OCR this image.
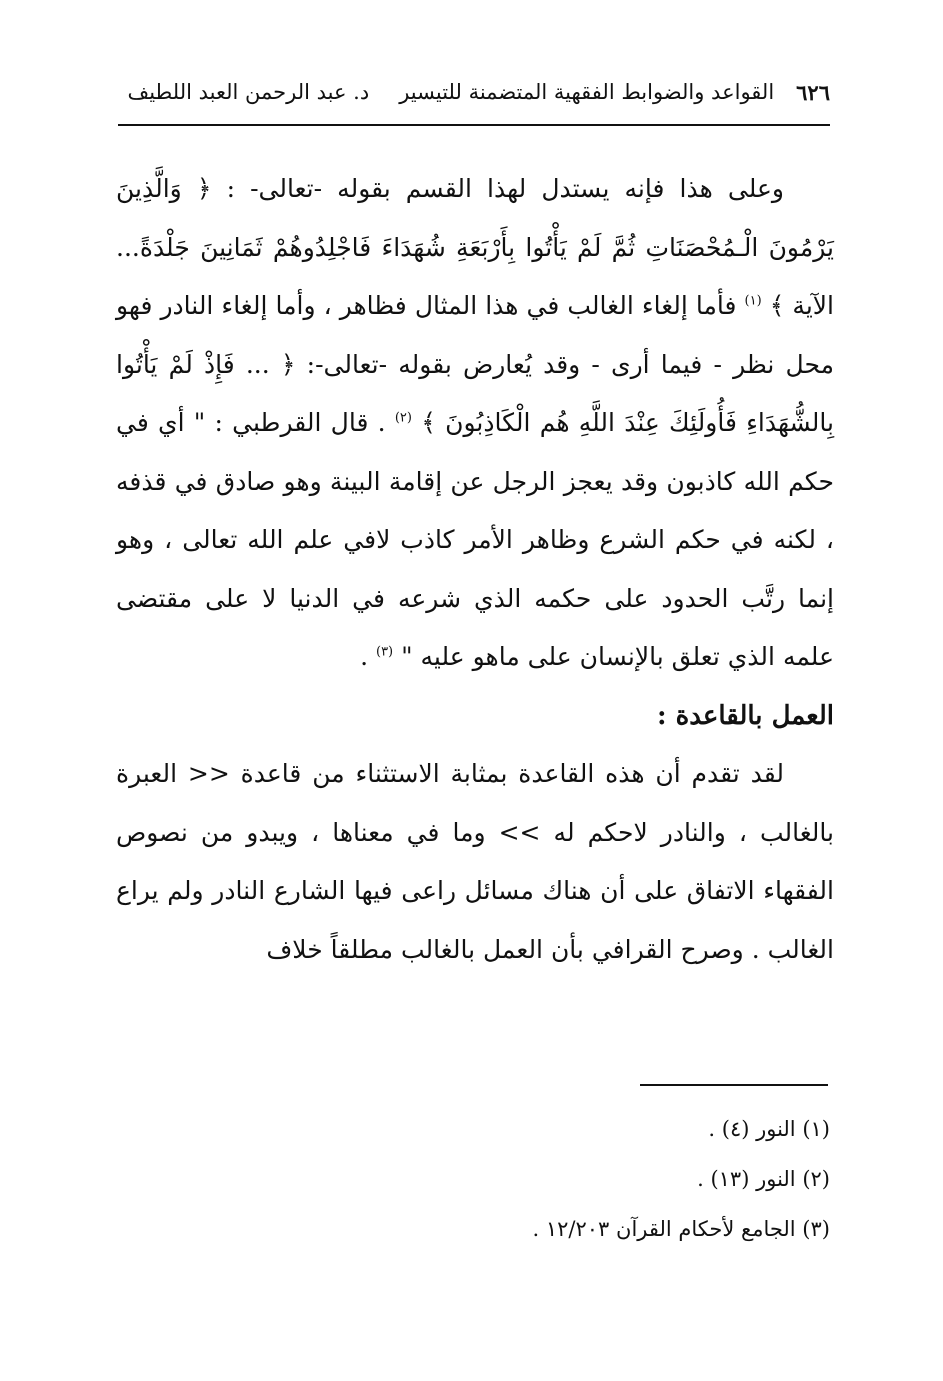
٦٢٦
القواعد والضوابط الفقهية المتضمنة للتيسير
د. عبد الرحمن العبد اللطيف

وعلى هذا فإنه يستدل لهذا القسم بقوله -تعالى- : ﴿ وَالَّذِينَ يَرْمُونَ الْـمُحْصَنَاتِ ثُمَّ لَمْ يَأْتُوا بِأَرْبَعَةِ شُهَدَاءَ فَاجْلِدُوهُمْ ثَمَانِينَ جَلْدَةً... الآية ﴾ $^{(١)}$ فأما إلغاء الغالب في هذا المثال فظاهر ، وأما إلغاء النادر فهو محل نظر - فيما أرى - وقد يُعارض بقوله -تعالى-: ﴿ ... فَإِذْ لَمْ يَأْتُوا بِالشُّهَدَاءِ فَأُولَئِكَ عِنْدَ اللَّهِ هُم الْكَاذِبُونَ ﴾ $^{(٢)}$ . قال القرطبي : " أي في حكم الله كاذبون وقد يعجز الرجل عن إقامة البينة وهو صادق في قذفه ، لكنه في حكم الشرع وظاهر الأمر كاذب لافي علم الله تعالى ، وهو إنما رتَّب الحدود على حكمه الذي شرعه في الدنيا لا على مقتضى علمه الذي تعلق بالإنسان على ماهو عليه " $^{(٣)}$ .

العمل بالقاعدة :

لقد تقدم أن هذه القاعدة بمثابة الاستثناء من قاعدة << العبرة بالغالب ، والنادر لاحكم له >> وما في معناها ، ويبدو من نصوص الفقهاء الاتفاق على أن هناك مسائل راعى فيها الشارع النادر ولم يراع الغالب . وصرح القرافي بأن العمل بالغالب مطلقاً خلاف

(١) النور (٤) .
(٢) النور (١٣) .
(٣) الجامع لأحكام القرآن ١٢/٢٠٣ .
